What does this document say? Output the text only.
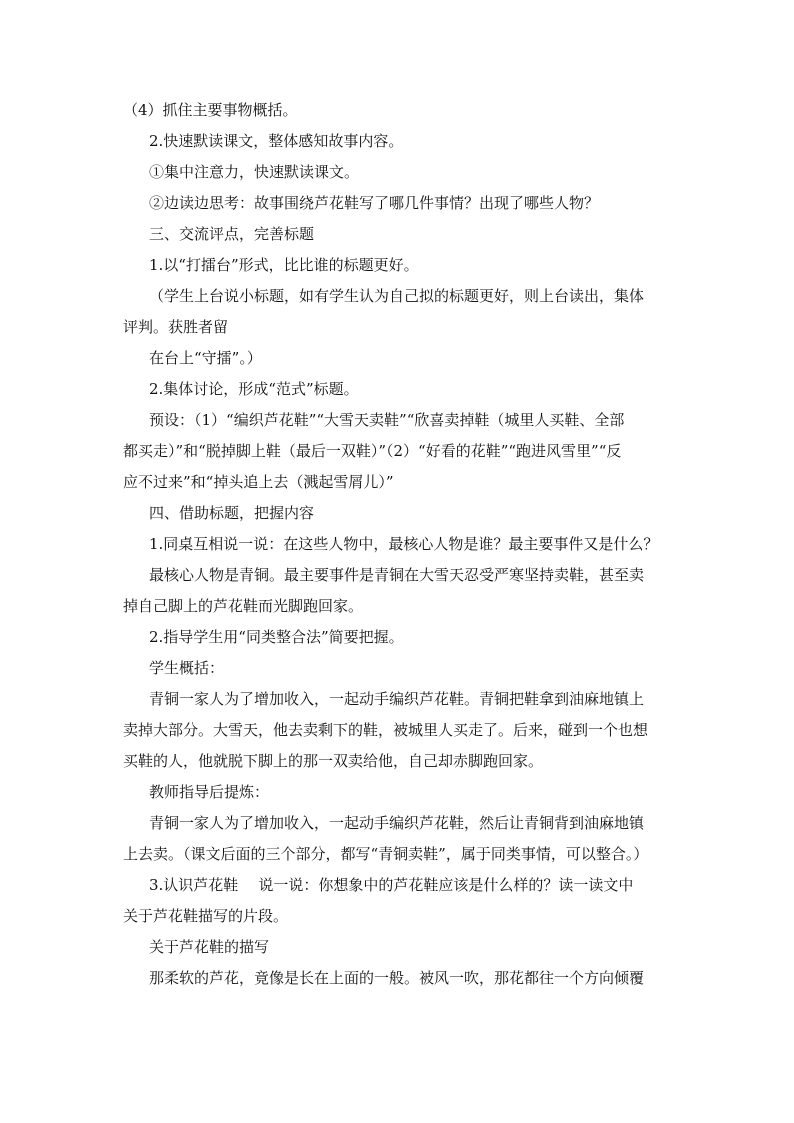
（4）抓住主要事物概括。
2.快速默读课文，整体感知故事内容。
①集中注意力，快速默读课文。
②边读边思考：故事围绕芦花鞋写了哪几件事情？出现了哪些人物？
三、交流评点，完善标题
1.以“打擂台”形式，比比谁的标题更好。
（学生上台说小标题，如有学生认为自己拟的标题更好，则上台读出，集体
评判。获胜者留
在台上“守擂”。）
2.集体讨论，形成“范式”标题。
预设：（1）“编织芦花鞋”“大雪天卖鞋”“欣喜卖掉鞋（城里人买鞋、全部
都买走）”和“脱掉脚上鞋（最后一双鞋）”（2）“好看的花鞋”“跑进风雪里”“反
应不过来”和“掉头追上去（溅起雪屑儿）”
四、借助标题，把握内容
1.同桌互相说一说：在这些人物中，最核心人物是谁？最主要事件又是什么？
最核心人物是青铜。最主要事件是青铜在大雪天忍受严寒坚持卖鞋，甚至卖
掉自己脚上的芦花鞋而光脚跑回家。
2.指导学生用“同类整合法”简要把握。
学生概括：
青铜一家人为了增加收入，一起动手编织芦花鞋。青铜把鞋拿到油麻地镇上
卖掉大部分。大雪天，他去卖剩下的鞋，被城里人买走了。后来，碰到一个也想
买鞋的人，他就脱下脚上的那一双卖给他，自己却赤脚跑回家。
教师指导后提炼：
青铜一家人为了增加收入，一起动手编织芦花鞋，然后让青铜背到油麻地镇
上去卖。（课文后面的三个部分，都写“青铜卖鞋”，属于同类事情，可以整合。）
3.认识芦花鞋 说一说：你想象中的芦花鞋应该是什么样的？读一读文中
关于芦花鞋描写的片段。
关于芦花鞋的描写
那柔软的芦花，竟像是长在上面的一般。被风一吹，那花都往一个方向倾覆
